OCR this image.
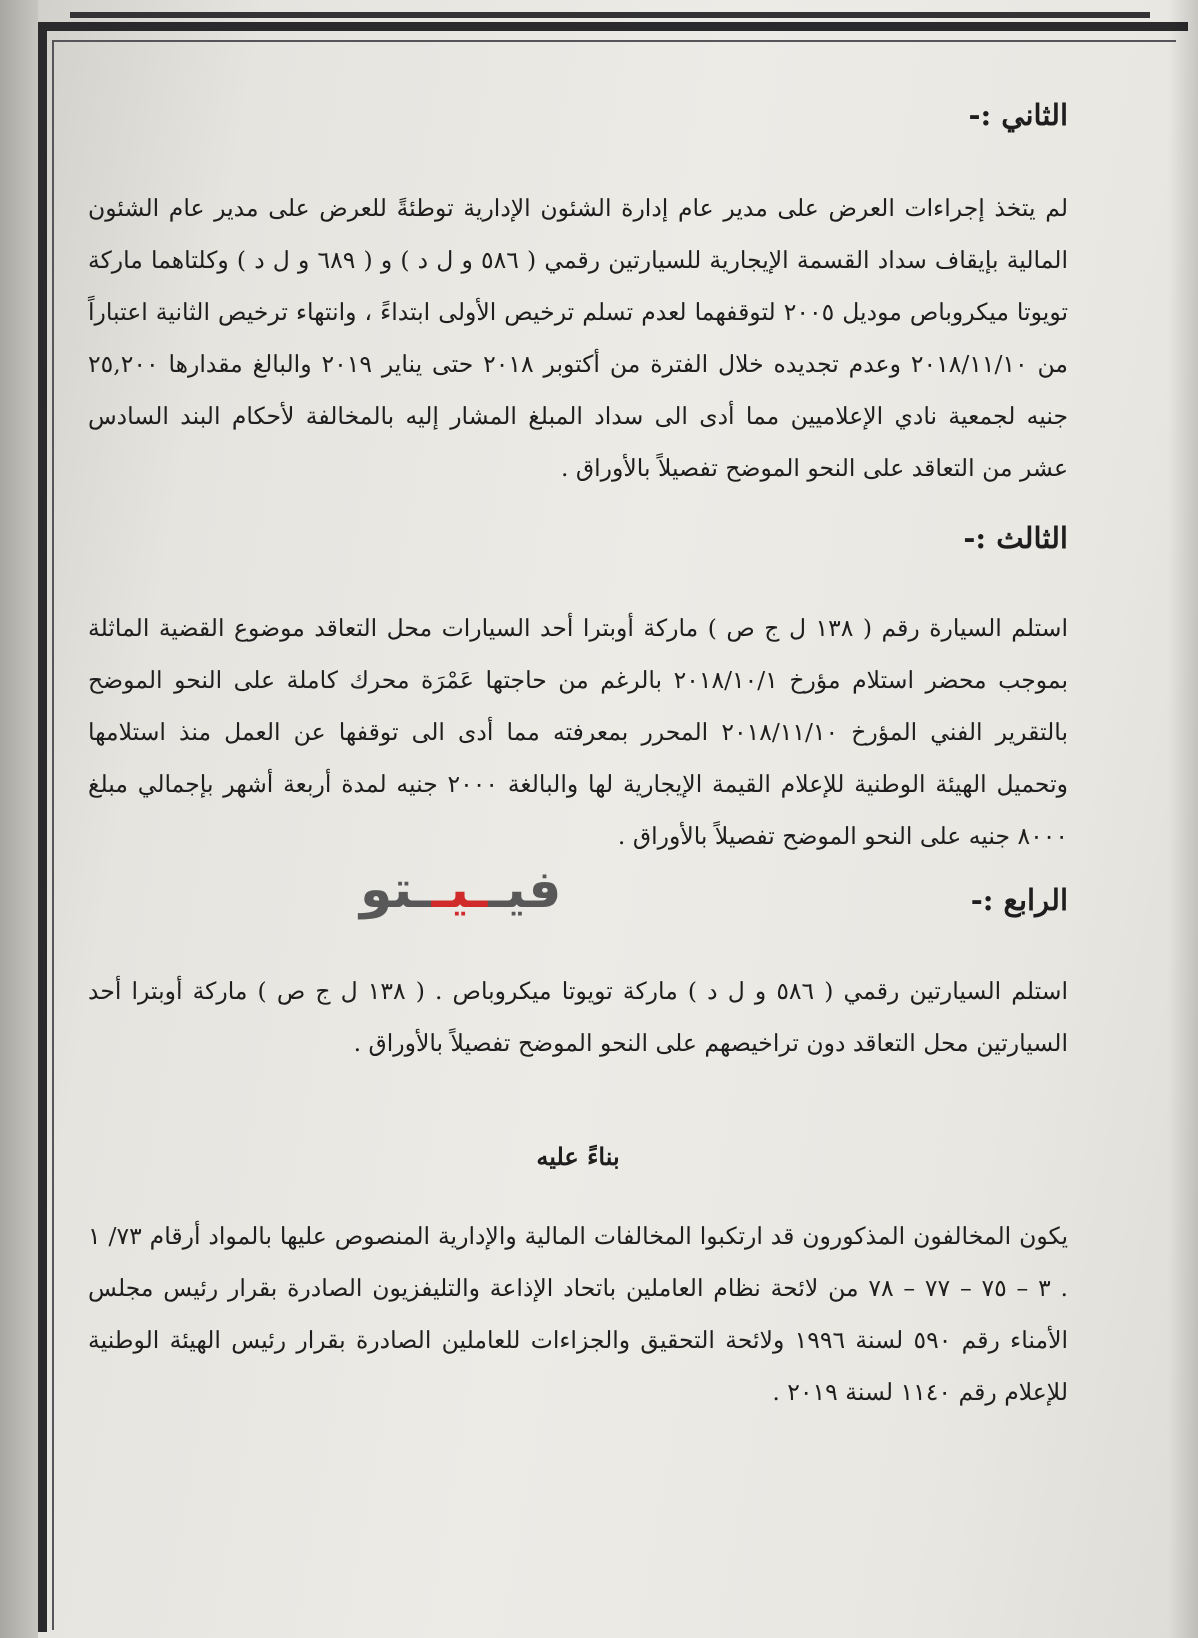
الثاني :-

لم يتخذ إجراءات العرض على مدير عام إدارة الشئون الإدارية توطئةً للعرض على مدير عام الشئون المالية بإيقاف سداد القسمة الإيجارية للسيارتين رقمي ( ٥٨٦ و ل د ) و ( ٦٨٩ و ل د ) وكلتاهما ماركة تويوتا ميكروباص موديل ٢٠٠٥ لتوقفهما لعدم تسلم ترخيص الأولى ابتداءً ، وانتهاء ترخيص الثانية اعتباراً من ٢٠١٨/١١/١٠ وعدم تجديده خلال الفترة من أكتوبر ٢٠١٨ حتى يناير ٢٠١٩ والبالغ مقدارها ٢٥,٢٠٠ جنيه لجمعية نادي الإعلاميين مما أدى الى سداد المبلغ المشار إليه بالمخالفة لأحكام البند السادس عشر من التعاقد على النحو الموضح تفصيلاً بالأوراق .

الثالث :-

استلم السيارة رقم ( ١٣٨ ل ج ص ) ماركة أوبترا أحد السيارات محل التعاقد موضوع القضية الماثلة بموجب محضر استلام مؤرخ ٢٠١٨/١٠/١ بالرغم من حاجتها عَمْرَة محرك كاملة على النحو الموضح بالتقرير الفني المؤرخ ٢٠١٨/١١/١٠ المحرر بمعرفته مما أدى الى توقفها عن العمل منذ استلامها وتحميل الهيئة الوطنية للإعلام القيمة الإيجارية لها والبالغة ٢٠٠٠ جنيه لمدة أربعة أشهر بإجمالي مبلغ ٨٠٠٠ جنيه على النحو الموضح تفصيلاً بالأوراق .

الرابع :-

استلم السيارتين رقمي ( ٥٨٦ و ل د ) ماركة تويوتا ميكروباص . ( ١٣٨ ل ج ص ) ماركة أوبترا أحد السيارتين محل التعاقد دون تراخيصهم على النحو الموضح تفصيلاً بالأوراق .

بناءً عليه

يكون المخالفون المذكورون قد ارتكبوا المخالفات المالية والإدارية المنصوص عليها بالمواد أرقام ٧٣/ ١ . ٣ – ٧٥ – ٧٧ – ٧٨ من لائحة نظام العاملين باتحاد الإذاعة والتليفزيون الصادرة بقرار رئيس مجلس الأمناء رقم ٥٩٠ لسنة ١٩٩٦ ولائحة التحقيق والجزاءات للعاملين الصادرة بقرار رئيس الهيئة الوطنية للإعلام رقم ١١٤٠ لسنة ٢٠١٩ .

فيــيــتو
